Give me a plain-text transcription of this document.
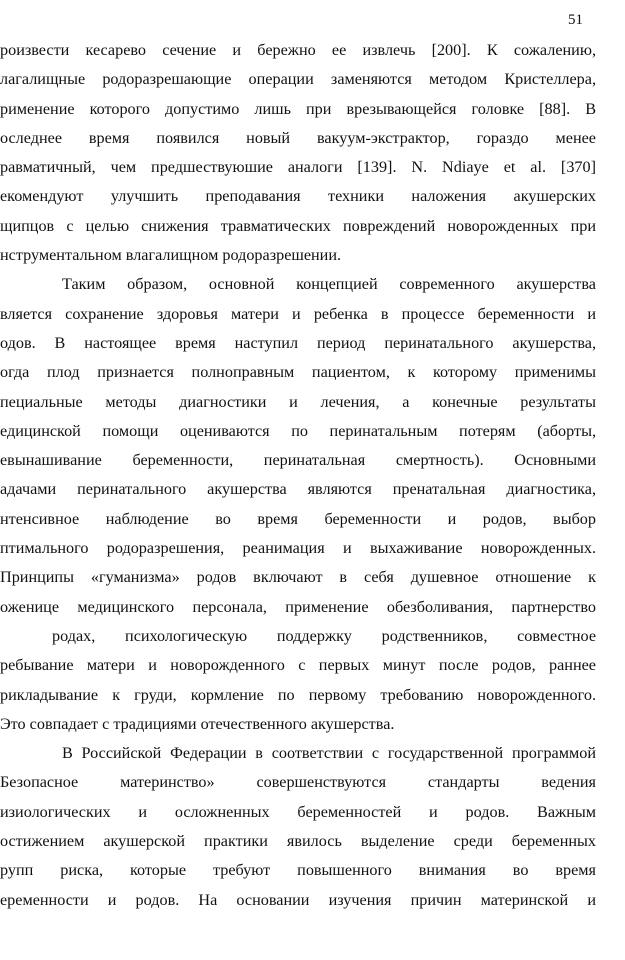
51
роизвести кесарево сечение и бережно ее извлечь [200]. К сожалению,
лагалищные родоразрешающие операции заменяются методом Кристеллера,
рименение которого допустимо лишь при врезывающейся головке [88]. В
оследнее время появился новый вакуум-экстрактор, гораздо менее
равматичный, чем предшествуюшие аналоги [139]. N. Ndiaye et al. [370]
екомендуют улучшить преподавания техники наложения акушерских
щипцов с целью снижения травматических повреждений новорожденных при
нструментальном влагалищном родоразрешении.
Таким образом, основной концепцией современного акушерства
вляется сохранение здоровья матери и ребенка в процессе беременности и
одов. В настоящее время наступил период перинатального акушерства,
огда плод признается полноправным пациентом, к которому применимы
пециальные методы диагностики и лечения, а конечные результаты
едицинской помощи оцениваются по перинатальным потерям (аборты,
евынашивание беременности, перинатальная смертность). Основными
адачами перинатального акушерства являются пренатальная диагностика,
нтенсивное наблюдение во время беременности и родов, выбор
птимального родоразрешения, реанимация и выхаживание новорожденных.
Принципы «гуманизма» родов включают в себя душевное отношение к
оженице медицинского персонала, применение обезболивания, партнерство
родах, психологическую поддержку родственников, совместное
ребывание матери и новорожденного с первых минут после родов, раннее
рикладывание к груди, кормление по первому требованию новорожденного.
Это совпадает с традициями отечественного акушерства.
В Российской Федерации в соответствии с государственной программой
Безопасное материнство» совершенствуются стандарты ведения
изиологических и осложненных беременностей и родов. Важным
остижением акушерской практики явилось выделение среди беременных
рупп риска, которые требуют повышенного внимания во время
еременности и родов. На основании изучения причин материнской и
